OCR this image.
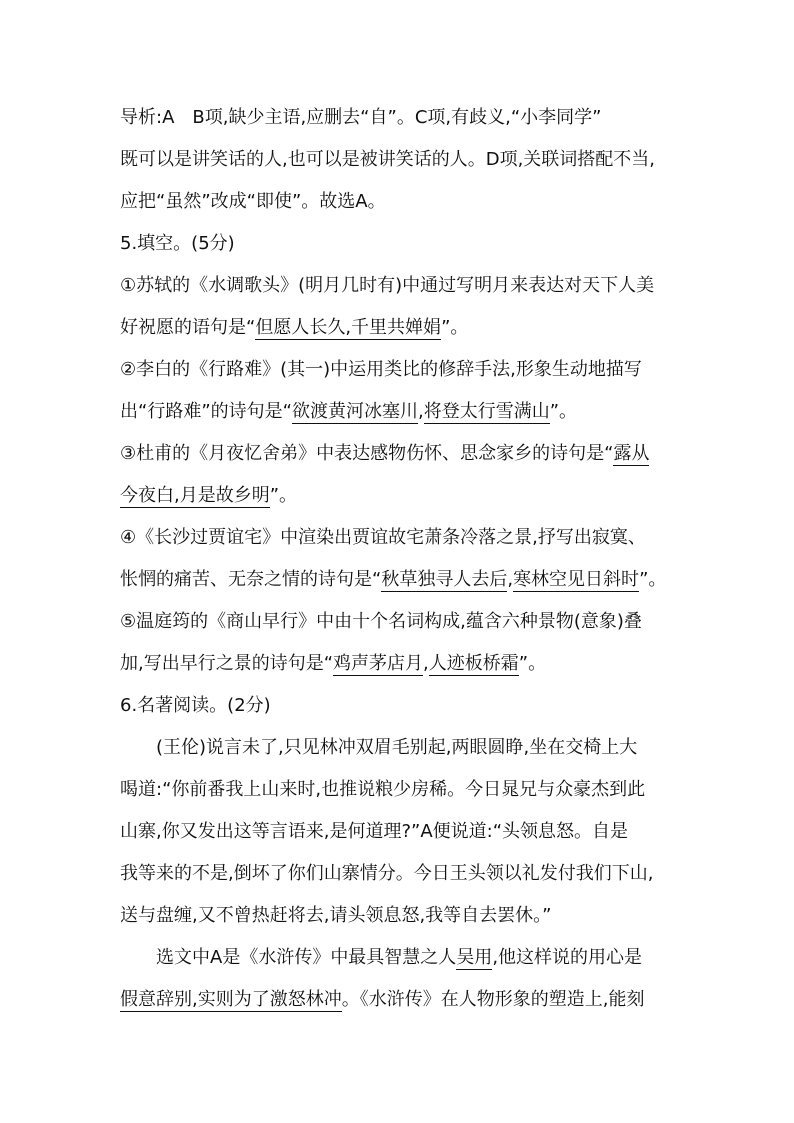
导析:A　B项,缺少主语,应删去“自”。C项,有歧义,“小李同学”
既可以是讲笑话的人,也可以是被讲笑话的人。D项,关联词搭配不当,
应把“虽然”改成“即使”。故选A。
5.填空。(5分)
①苏轼的《水调歌头》(明月几时有)中通过写明月来表达对天下人美
好祝愿的语句是“但愿人长久,千里共婵娟”。
②李白的《行路难》(其一)中运用类比的修辞手法,形象生动地描写
出“行路难”的诗句是“欲渡黄河冰塞川,将登太行雪满山”。
③杜甫的《月夜忆舍弟》中表达感物伤怀、思念家乡的诗句是“露从
今夜白,月是故乡明”。
④《长沙过贾谊宅》中渲染出贾谊故宅萧条冷落之景,抒写出寂寞、
怅惘的痛苦、无奈之情的诗句是“秋草独寻人去后,寒林空见日斜时”。
⑤温庭筠的《商山早行》中由十个名词构成,蕴含六种景物(意象)叠
加,写出早行之景的诗句是“鸡声茅店月,人迹板桥霜”。
6.名著阅读。(2分)
(王伦)说言未了,只见林冲双眉毛别起,两眼圆睁,坐在交椅上大
喝道:“你前番我上山来时,也推说粮少房稀。今日晁兄与众豪杰到此
山寨,你又发出这等言语来,是何道理?”A便说道:“头领息怒。自是
我等来的不是,倒坏了你们山寨情分。今日王头领以礼发付我们下山,
送与盘缠,又不曾热赶将去,请头领息怒,我等自去罢休。”
选文中A是《水浒传》中最具智慧之人吴用,他这样说的用心是
假意辞别,实则为了激怒林冲。《水浒传》在人物形象的塑造上,能刻
